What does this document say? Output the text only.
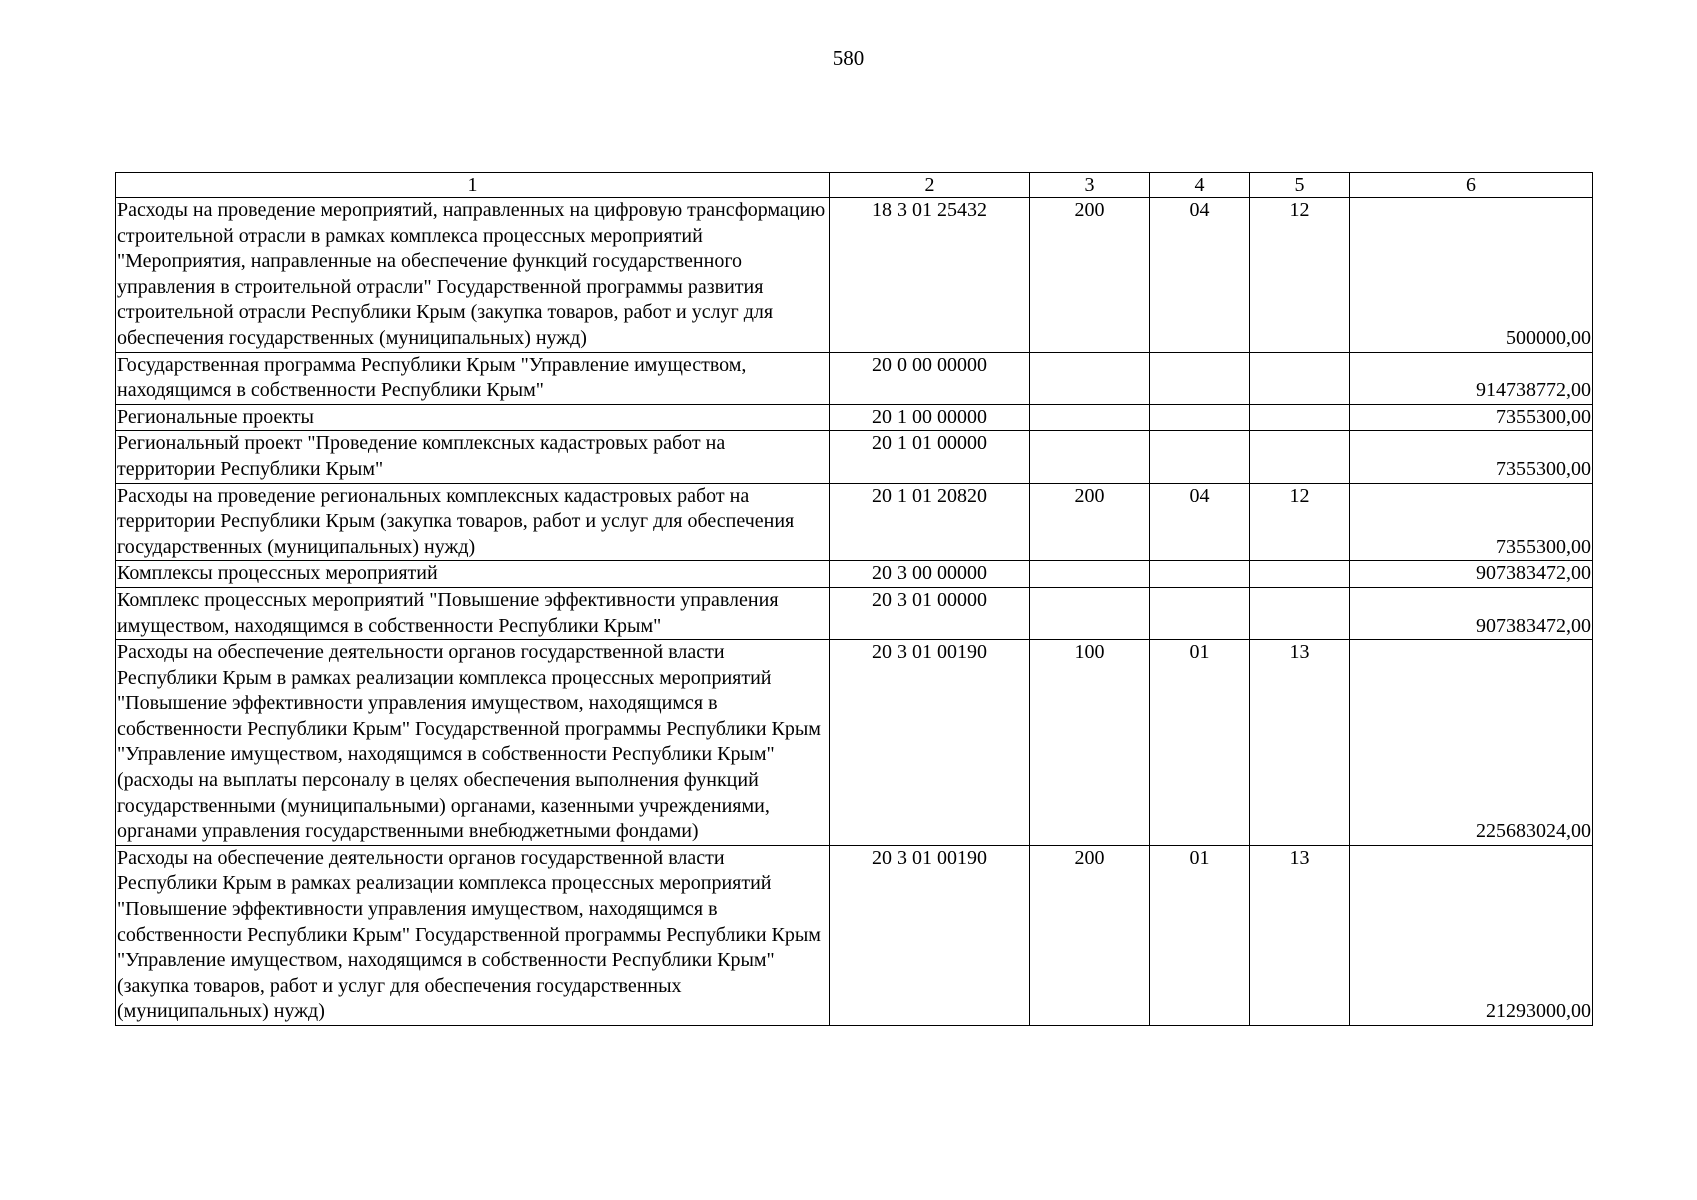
580
1	2	3	4	5	6
Расходы на проведение мероприятий, направленных на цифровую трансформацию строительной отрасли в рамках комплекса процессных мероприятий "Мероприятия, направленные на обеспечение функций государственного управления в строительной отрасли" Государственной программы развития строительной отрасли Республики Крым (закупка товаров, работ и услуг для обеспечения государственных (муниципальных) нужд)	18 3 01 25432	200	04	12	500000,00
Государственная программа Республики Крым "Управление имуществом, находящимся в собственности Республики Крым"	20 0 00 00000				914738772,00
Региональные проекты	20 1 00 00000				7355300,00
Региональный проект "Проведение комплексных кадастровых работ на территории Республики Крым"	20 1 01 00000				7355300,00
Расходы на проведение региональных комплексных кадастровых работ на территории Республики Крым (закупка товаров, работ и услуг для обеспечения государственных (муниципальных) нужд)	20 1 01 20820	200	04	12	7355300,00
Комплексы процессных мероприятий	20 3 00 00000				907383472,00
Комплекс процессных мероприятий "Повышение эффективности управления имуществом, находящимся в собственности Республики Крым"	20 3 01 00000				907383472,00
Расходы на обеспечение деятельности органов государственной власти Республики Крым в рамках реализации комплекса процессных мероприятий "Повышение эффективности управления имуществом, находящимся в собственности Республики Крым" Государственной программы Республики Крым "Управление имуществом, находящимся в собственности Республики Крым" (расходы на выплаты персоналу в целях обеспечения выполнения функций государственными (муниципальными) органами, казенными учреждениями, органами управления государственными внебюджетными фондами)	20 3 01 00190	100	01	13	225683024,00
Расходы на обеспечение деятельности органов государственной власти Республики Крым в рамках реализации комплекса процессных мероприятий "Повышение эффективности управления имуществом, находящимся в собственности Республики Крым" Государственной программы Республики Крым "Управление имуществом, находящимся в собственности Республики Крым" (закупка товаров, работ и услуг для обеспечения государственных (муниципальных) нужд)	20 3 01 00190	200	01	13	21293000,00
